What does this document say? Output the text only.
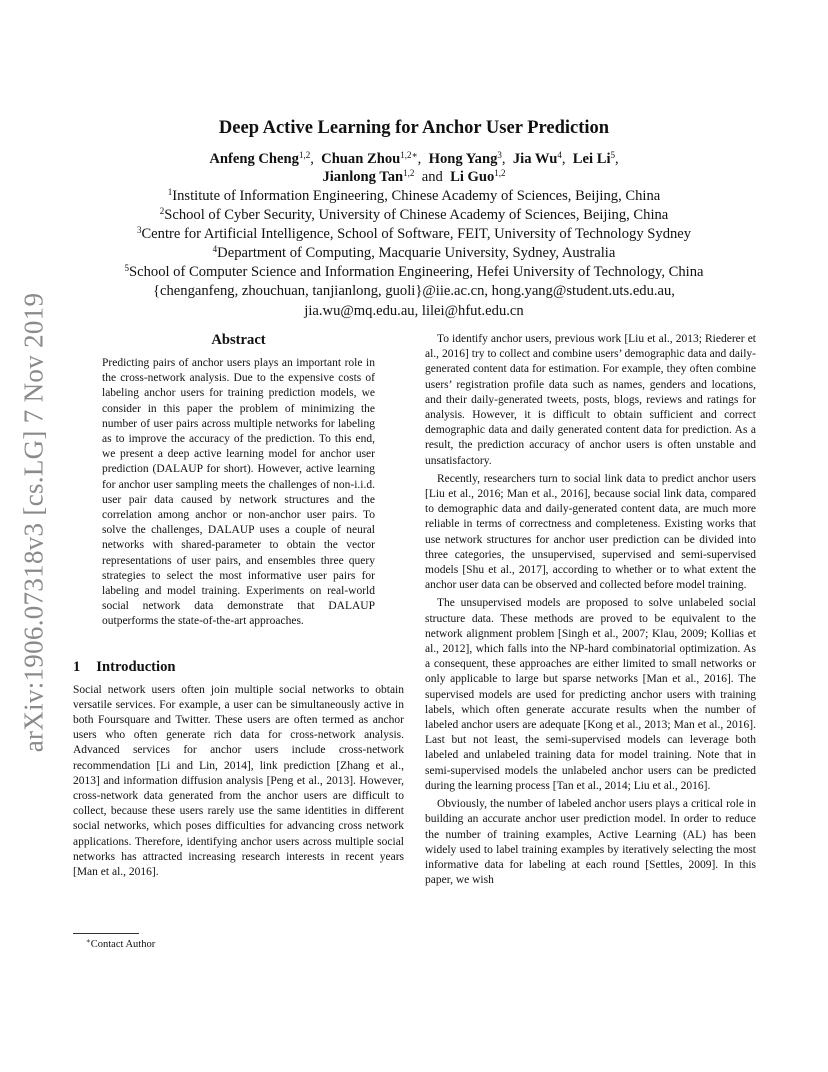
arXiv:1906.07318v3 [cs.LG] 7 Nov 2019
Deep Active Learning for Anchor User Prediction
Anfeng Cheng$^{1,2}$,  Chuan Zhou$^{1,2∗}$,  Hong Yang$^3$,  Jia Wu$^4$,  Lei Li$^5$,
Jianlong Tan$^{1,2}$ and Li Guo$^{1,2}$
$^1$Institute of Information Engineering, Chinese Academy of Sciences, Beijing, China
$^2$School of Cyber Security, University of Chinese Academy of Sciences, Beijing, China
$^3$Centre for Artificial Intelligence, School of Software, FEIT, University of Technology Sydney
$^4$Department of Computing, Macquarie University, Sydney, Australia
$^5$School of Computer Science and Information Engineering, Hefei University of Technology, China
{chenganfeng, zhouchuan, tanjianlong, guoli}@iie.ac.cn, hong.yang@student.uts.edu.au,
jia.wu@mq.edu.au, lilei@hfut.edu.cn
Abstract

Predicting pairs of anchor users plays an important role in the cross-network analysis. Due to the expensive costs of labeling anchor users for training prediction models, we consider in this paper the problem of minimizing the number of user pairs across multiple networks for labeling as to improve the accuracy of the prediction. To this end, we present a deep active learning model for anchor user prediction (DALAUP for short). However, active learning for anchor user sampling meets the challenges of non-i.i.d. user pair data caused by network structures and the correlation among anchor or non-anchor user pairs. To solve the challenges, DALAUP uses a couple of neural networks with shared-parameter to obtain the vector representations of user pairs, and ensembles three query strategies to select the most informative user pairs for labeling and model training. Experiments on real-world social network data demonstrate that DALAUP outperforms the state-of-the-art approaches.

1 Introduction

Social network users often join multiple social networks to obtain versatile services. For example, a user can be simultaneously active in both Foursquare and Twitter. These users are often termed as anchor users who often generate rich data for cross-network analysis. Advanced services for anchor users include cross-network recommendation [Li and Lin, 2014], link prediction [Zhang et al., 2013] and information diffusion analysis [Peng et al., 2013]. However, cross-network data generated from the anchor users are difficult to collect, because these users rarely use the same identities in different social networks, which poses difficulties for advancing cross network applications. Therefore, identifying anchor users across multiple social networks has attracted increasing research interests in recent years [Man et al., 2016].

∗Contact Author

To identify anchor users, previous work [Liu et al., 2013; Riederer et al., 2016] try to collect and combine users’ demographic data and daily-generated content data for estimation. For example, they often combine users’ registration profile data such as names, genders and locations, and their daily-generated tweets, posts, blogs, reviews and ratings for analysis. However, it is difficult to obtain sufficient and correct demographic data and daily generated content data for prediction. As a result, the prediction accuracy of anchor users is often unstable and unsatisfactory.

Recently, researchers turn to social link data to predict anchor users [Liu et al., 2016; Man et al., 2016], because social link data, compared to demographic data and daily-generated content data, are much more reliable in terms of correctness and completeness. Existing works that use network structures for anchor user prediction can be divided into three categories, the unsupervised, supervised and semi-supervised models [Shu et al., 2017], according to whether or to what extent the anchor user data can be observed and collected before model training.

The unsupervised models are proposed to solve unlabeled social structure data. These methods are proved to be equivalent to the network alignment problem [Singh et al., 2007; Klau, 2009; Kollias et al., 2012], which falls into the NP-hard combinatorial optimization. As a consequent, these approaches are either limited to small networks or only applicable to large but sparse networks [Man et al., 2016]. The supervised models are used for predicting anchor users with training labels, which often generate accurate results when the number of labeled anchor users are adequate [Kong et al., 2013; Man et al., 2016]. Last but not least, the semi-supervised models can leverage both labeled and unlabeled training data for model training. Note that in semi-supervised models the unlabeled anchor users can be predicted during the learning process [Tan et al., 2014; Liu et al., 2016].

Obviously, the number of labeled anchor users plays a critical role in building an accurate anchor user prediction model. In order to reduce the number of training examples, Active Learning (AL) has been widely used to label training examples by iteratively selecting the most informative data for labeling at each round [Settles, 2009]. In this paper, we wish
